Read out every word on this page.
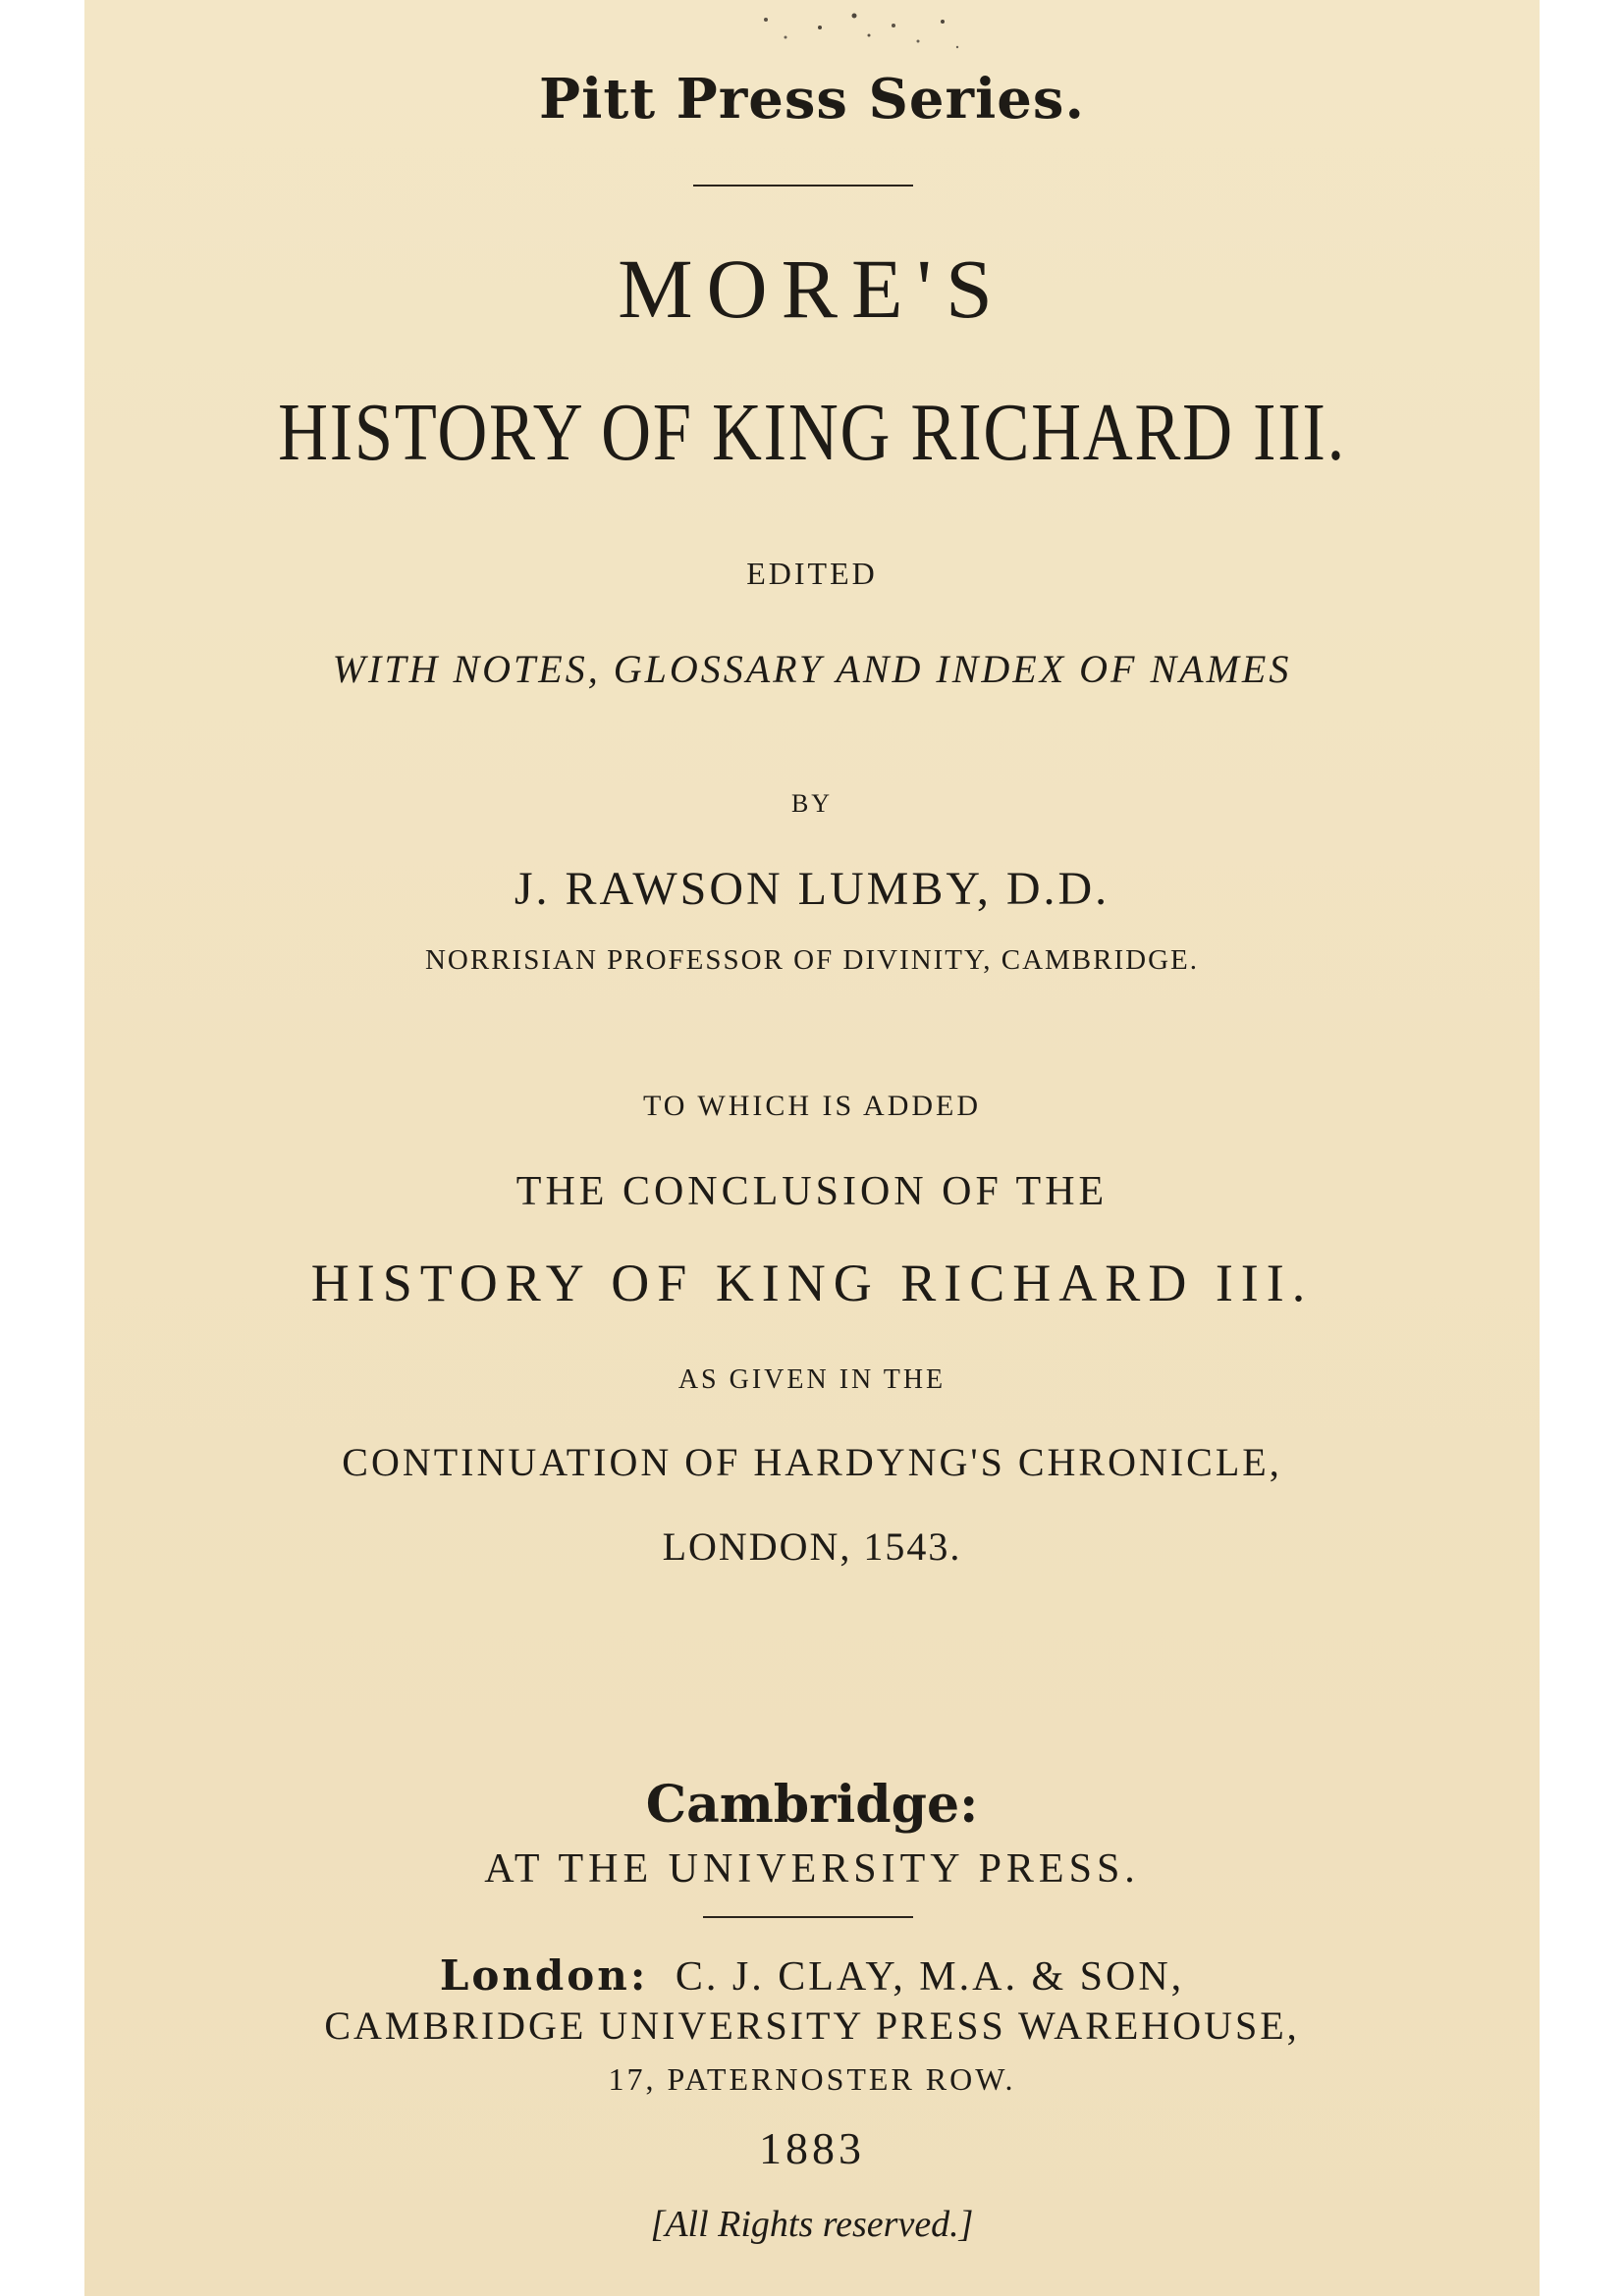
Pitt Press Series.
MORE'S
HISTORY OF KING RICHARD III.
EDITED
WITH NOTES, GLOSSARY AND INDEX OF NAMES
BY
J. RAWSON LUMBY, D.D.
NORRISIAN PROFESSOR OF DIVINITY, CAMBRIDGE.
TO WHICH IS ADDED
THE CONCLUSION OF THE
HISTORY OF KING RICHARD III.
AS GIVEN IN THE
CONTINUATION OF HARDYNG'S CHRONICLE,
LONDON, 1543.
Cambridge:
AT THE UNIVERSITY PRESS.
London: C. J. CLAY, M.A. & SON,
CAMBRIDGE UNIVERSITY PRESS WAREHOUSE,
17, PATERNOSTER ROW.
1883
[All Rights reserved.]
